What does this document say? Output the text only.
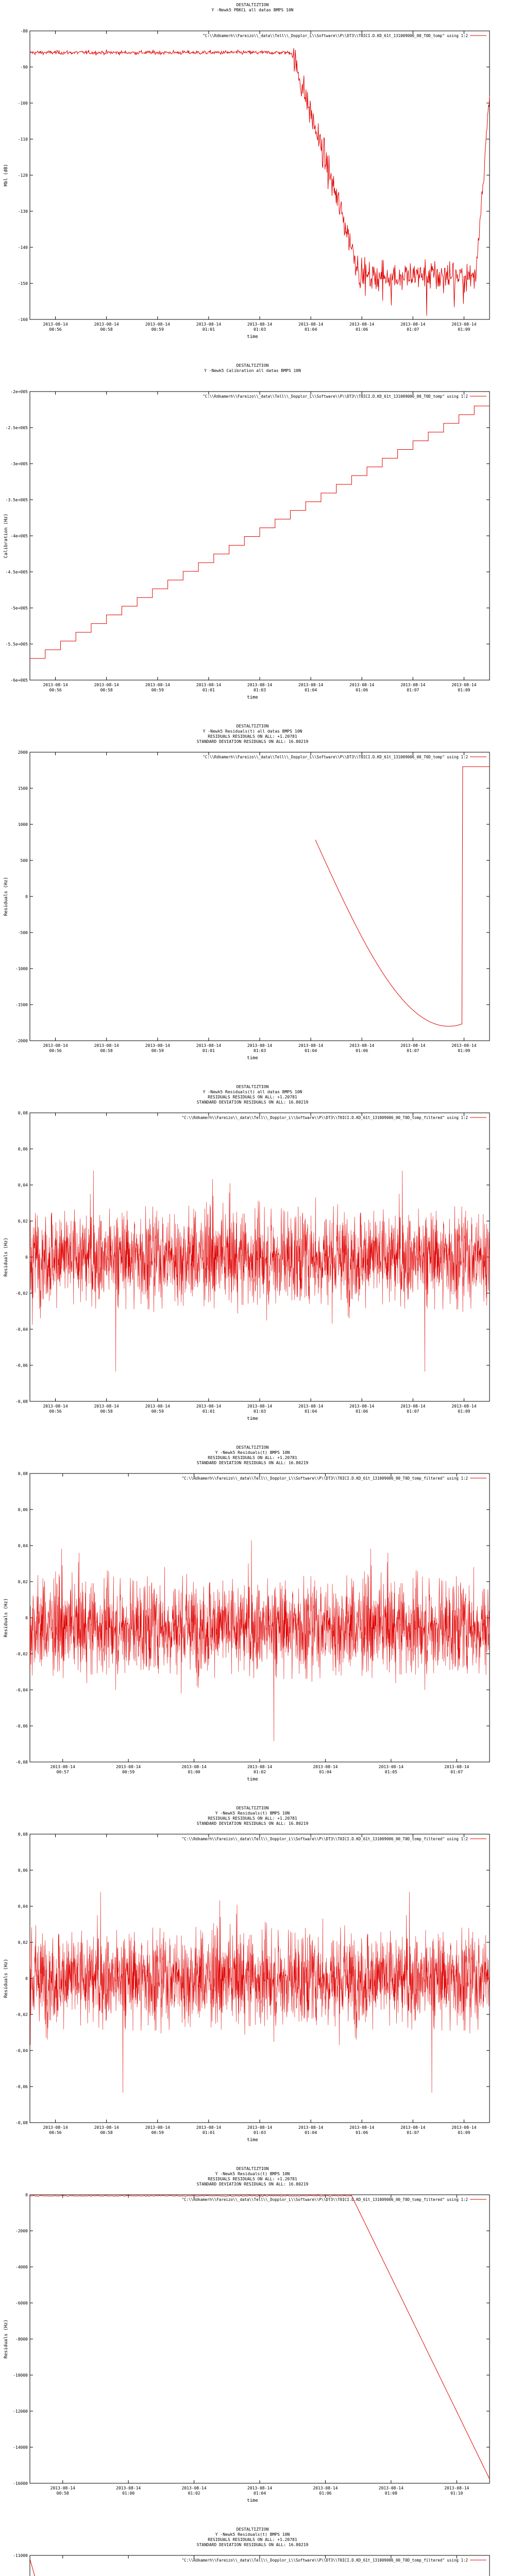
DESTALTIZTION
Y -Newk5 PBKCL all datas BMPS 10N
"C:\\Rdkamerh\\Fareizo\\_data\\Tell\\_Dopplor_L\\Software\\P\\DT3\\T0ICI.D.KD_61t_131009006_00_T0D_tomp" using 1:2
-80
-90
-100
-110
-120
-130
-140
-150
-160
2013-08-14
00:56
2013-08-14
00:58
2013-08-14
00:59
2013-08-14
01:01
2013-08-14
01:03
2013-08-14
01:04
2013-08-14
01:06
2013-08-14
01:07
2013-08-14
01:09
time
Mbl (dB)
DESTALTIZTION
Y -Newk5 Calibration all datas BMPS 10N
"C:\\Rdkamerh\\Fareizo\\_data\\Tell\\_Dopplor_L\\Software\\P\\DT3\\T0ICI.D.KD_61t_131009006_00_T0D_tomp" using 1:2
-2e+005
-2.5e+005
-3e+005
-3.5e+005
-4e+005
-4.5e+005
-5e+005
-5.5e+005
-6e+005
2013-08-14
00:56
2013-08-14
00:58
2013-08-14
00:59
2013-08-14
01:01
2013-08-14
01:03
2013-08-14
01:04
2013-08-14
01:06
2013-08-14
01:07
2013-08-14
01:09
time
Calibration (Hz)
DESTALTIZTION
Y -Newk5 Residuals(t) all datas BMPS 10N
RESIDUALS RESIDUALS ON ALL: +1.20781
STANDARD DEVIATION RESIDUALS ON ALL: 16.80219
"C:\\Rdkamerh\\Fareizo\\_data\\Tell\\_Dopplor_L\\Software\\P\\DT3\\T0ICI.D.KD_61t_131009006_00_T0D_tomp" using 1:2
2000
1500
1000
500
0
-500
-1000
-1500
-2000
2013-08-14
00:56
2013-08-14
00:58
2013-08-14
00:59
2013-08-14
01:01
2013-08-14
01:03
2013-08-14
01:04
2013-08-14
01:06
2013-08-14
01:07
2013-08-14
01:09
time
Residuals (Hz)
DESTALTIZTION
Y -Newk5 Residuals(t) all datas BMPS 10N
RESIDUALS RESIDUALS ON ALL: +1.20781
STANDARD DEVIATION RESIDUALS ON ALL: 16.80219
"C:\\Rdkamerh\\Fareizo\\_data\\Tell\\_Dopplor_L\\Software\\P\\DT3\\T0ICI.D.KD_61t_131009006_00_T0D_tomp_filtered" using 1:2
0,08
0,06
0,04
0,02
0
-0,02
-0,04
-0,06
-0,08
2013-08-14
00:56
2013-08-14
00:58
2013-08-14
00:59
2013-08-14
01:01
2013-08-14
01:03
2013-08-14
01:04
2013-08-14
01:06
2013-08-14
01:07
2013-08-14
01:09
time
Residuals (Hz)
DESTALTIZTION
Y -Newk5 Residuals(t) BMPS 10N
RESIDUALS RESIDUALS ON ALL: +1.20781
STANDARD DEVIATION RESIDUALS ON ALL: 16.80219
"C:\\Rdkamerh\\Fareizo\\_data\\Tell\\_Dopplor_L\\Software\\P\\DT3\\T0ICI.D.KD_61t_131009006_00_T0D_tomp_filtered" using 1:2
0,08
0,06
0,04
0,02
0
-0,02
-0,04
-0,06
-0,08
2013-08-14
00:57
2013-08-14
00:59
2013-08-14
01:00
2013-08-14
01:02
2013-08-14
01:04
2013-08-14
01:05
2013-08-14
01:07
time
Residuals (Hz)
DESTALTIZTION
Y -Newk5 Residuals(t) BMPS 10N
RESIDUALS RESIDUALS ON ALL: +1.20781
STANDARD DEVIATION RESIDUALS ON ALL: 16.80219
"C:\\Rdkamerh\\Fareizo\\_data\\Tell\\_Dopplor_L\\Software\\P\\DT3\\T0ICI.D.KD_61t_131009006_00_T0D_tomp_filtered" using 1:2
0,08
0,06
0,04
0,02
0
-0,02
-0,04
-0,06
-0,08
2013-08-14
00:56
2013-08-14
00:58
2013-08-14
00:59
2013-08-14
01:01
2013-08-14
01:03
2013-08-14
01:04
2013-08-14
01:06
2013-08-14
01:07
2013-08-14
01:09
time
Residuals (Hz)
DESTALTIZTION
Y -Newk5 Residuals(t) BMPS 10N
RESIDUALS RESIDUALS ON ALL: +1.20781
STANDARD DEVIATION RESIDUALS ON ALL: 16.80219
"C:\\Rdkamerh\\Fareizo\\_data\\Tell\\_Dopplor_L\\Software\\P\\DT3\\T0ICI.D.KD_61t_131009006_00_T0D_tomp_filtered" using 1:2
0
-2000
-4000
-6000
-8000
-10000
-12000
-14000
-16000
2013-08-14
00:58
2013-08-14
01:00
2013-08-14
01:02
2013-08-14
01:04
2013-08-14
01:06
2013-08-14
01:08
2013-08-14
01:10
time
Residuals (Hz)
DESTALTIZTION
Y -Newk5 Residuals(t) BMPS 10N
RESIDUALS RESIDUALS ON ALL: +1.20781
STANDARD DEVIATION RESIDUALS ON ALL: 16.80219
"C:\\Rdkamerh\\Fareizo\\_data\\Tell\\_Dopplor_L\\Software\\P\\DT3\\T0ICI.D.KD_61t_131009006_00_T0D_tomp_filtered" using 1:2
-11000
